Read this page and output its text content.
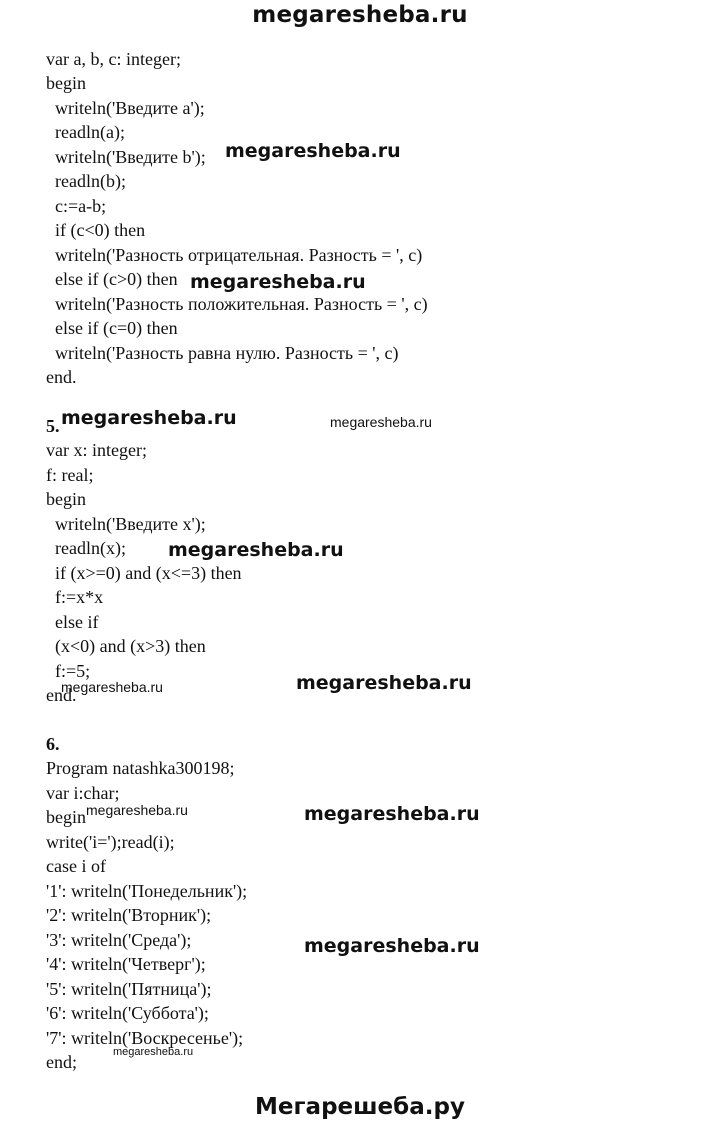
megaresheba.ru
var a, b, c: integer;
begin
writeln('Введите a');
readln(a);
writeln('Введите b');
readln(b);
c:=a-b;
if (c<0) then
writeln('Разность отрицательная. Разность = ', c)
else if (c>0) then
writeln('Разность положительная. Разность = ', c)
else if (c=0) then
writeln('Разность равна нулю. Разность = ', c)
end.
5.
var x: integer;
f: real;
begin
writeln('Введите x');
readln(x);
if (x>=0) and (x<=3) then
f:=x*x
else if
(x<0) and (x>3) then
f:=5;
end.
6.
Program natashka300198;
var i:char;
begin
write('i=');read(i);
case i of
'1': writeln('Понедельник');
'2': writeln('Вторник');
'3': writeln('Среда');
'4': writeln('Четверг');
'5': writeln('Пятница');
'6': writeln('Суббота');
'7': writeln('Воскресенье');
end;
megaresheba.ru
megaresheba.ru
megaresheba.ru	megaresheba.ru
megaresheba.ru
megaresheba.ru	megaresheba.ru
megaresheba.ru	megaresheba.ru
megaresheba.ru
megaresheba.ru
Мегарешеба.ру
